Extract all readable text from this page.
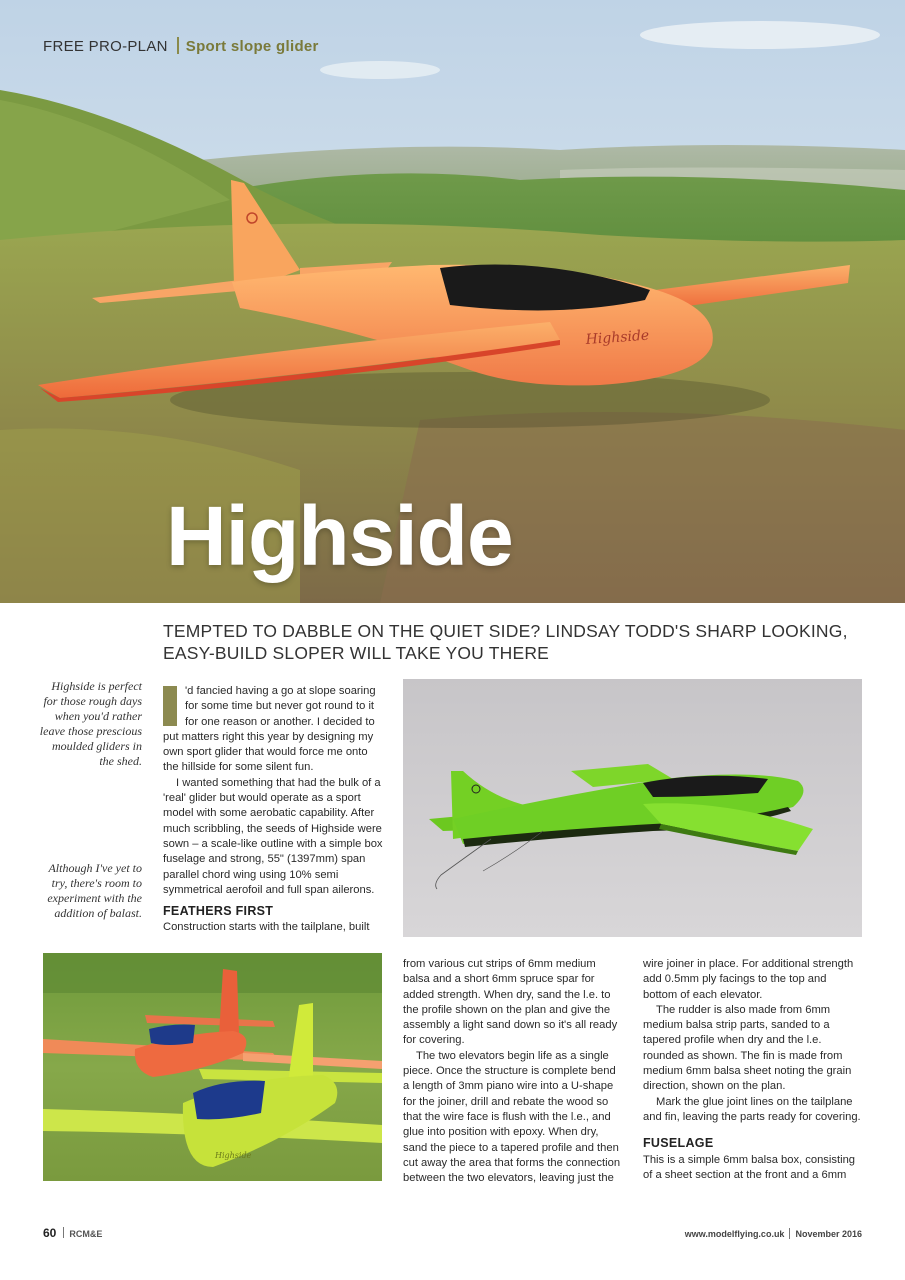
Highside
FREE PRO-PLAN Sport slope glider
Highside
TEMPTED TO DABBLE ON THE QUIET SIDE? LINDSAY TODD'S SHARP LOOKING, EASY-BUILD SLOPER WILL TAKE YOU THERE
Highside is perfect for those rough days when you'd rather leave those prescious moulded gliders in the shed.
Although I've yet to try, there's room to experiment with the addition of balast.

'd fancied having a go at slope soaring for some time but never got round to it for one reason or another. I decided to put matters right this year by designing my own sport glider that would force me onto the hillside for some silent fun.

I wanted something that had the bulk of a 'real' glider but would operate as a sport model with some aerobatic capability. After much scribbling, the seeds of Highside were sown – a scale-like outline with a simple box fuselage and strong, 55" (1397mm) span parallel chord wing using 10% semi symmetrical aerofoil and full span ailerons.

FEATHERS FIRST

Construction starts with the tailplane, built

Highside

from various cut strips of 6mm medium balsa and a short 6mm spruce spar for added strength. When dry, sand the l.e. to the profile shown on the plan and give the assembly a light sand down so it's all ready for covering.

The two elevators begin life as a single piece. Once the structure is complete bend a length of 3mm piano wire into a U-shape for the joiner, drill and rebate the wood so that the wire face is flush with the l.e., and glue into position with epoxy. When dry, sand the piece to a tapered profile and then cut away the area that forms the connection between the two elevators, leaving just the

wire joiner in place. For additional strength add 0.5mm ply facings to the top and bottom of each elevator.

The rudder is also made from 6mm medium balsa strip parts, sanded to a tapered profile when dry and the l.e. rounded as shown. The fin is made from medium 6mm balsa sheet noting the grain direction, shown on the plan.

Mark the glue joint lines on the tailplane and fin, leaving the parts ready for covering.

FUSELAGE

This is a simple 6mm balsa box, consisting of a sheet section at the front and a 6mm

60 RCM&E	www.modelflying.co.uk November 2016
